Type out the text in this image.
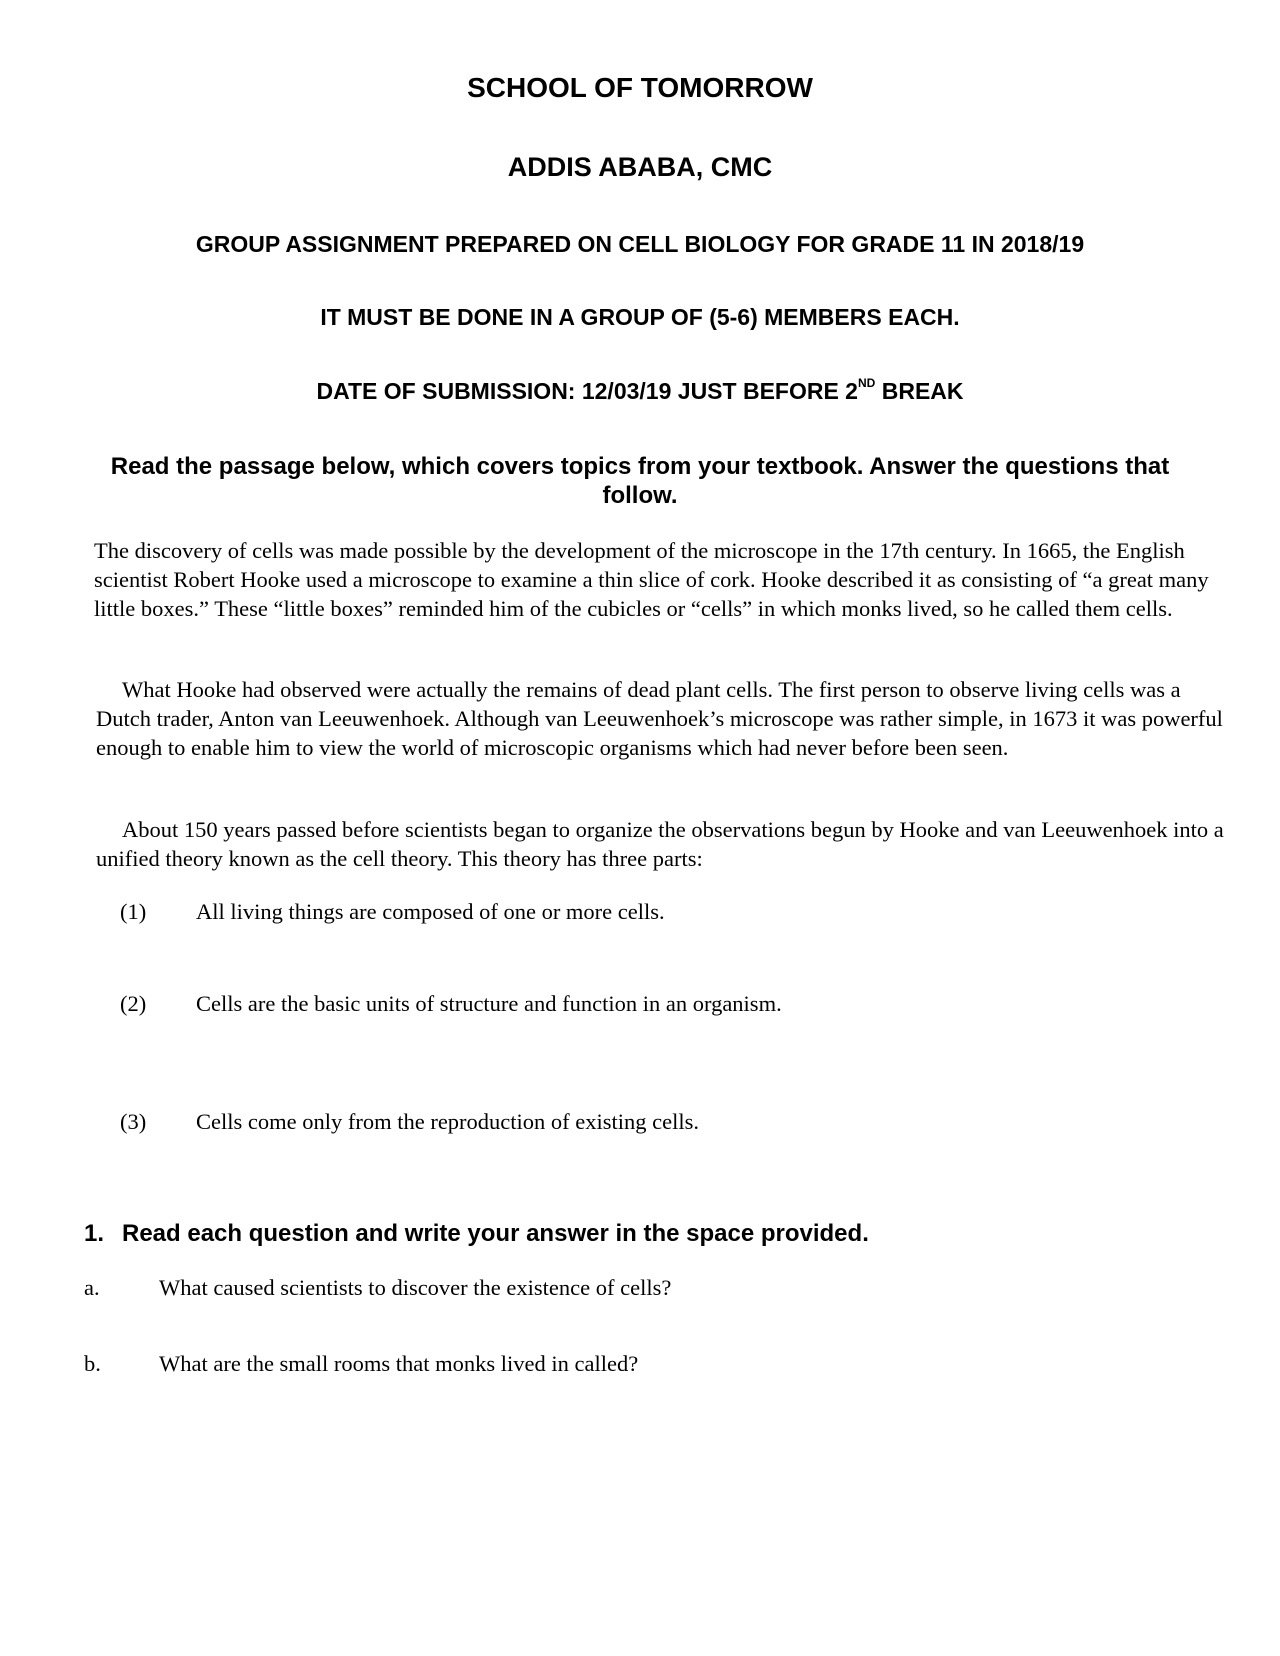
SCHOOL OF TOMORROW
ADDIS ABABA, CMC
GROUP ASSIGNMENT PREPARED ON CELL BIOLOGY FOR GRADE 11 IN 2018/19
IT MUST BE DONE IN A GROUP OF (5-6) MEMBERS EACH.
DATE OF SUBMISSION: 12/03/19 JUST BEFORE 2ND BREAK

Read the passage below, which covers topics from your textbook. Answer the questions that follow.

The discovery of cells was made possible by the development of the microscope in the 17th century. In 1665, the English scientist Robert Hooke used a microscope to examine a thin slice of cork. Hooke described it as consisting of “a great many little boxes.” These “little boxes” reminded him of the cubicles or “cells” in which monks lived, so he called them cells.

What Hooke had observed were actually the remains of dead plant cells. The first person to observe living cells was a Dutch trader, Anton van Leeuwenhoek. Although van Leeuwenhoek’s microscope was rather simple, in 1673 it was powerful enough to enable him to view the world of microscopic organisms which had never before been seen.

About 150 years passed before scientists began to organize the observations begun by Hooke and van Leeuwenhoek into a unified theory known as the cell theory. This theory has three parts:

(1) All living things are composed of one or more cells.
(2) Cells are the basic units of structure and function in an organism.
(3) Cells come only from the reproduction of existing cells.
1. Read each question and write your answer in the space provided.
a.	What caused scientists to discover the existence of cells?
b.	What are the small rooms that monks lived in called?
